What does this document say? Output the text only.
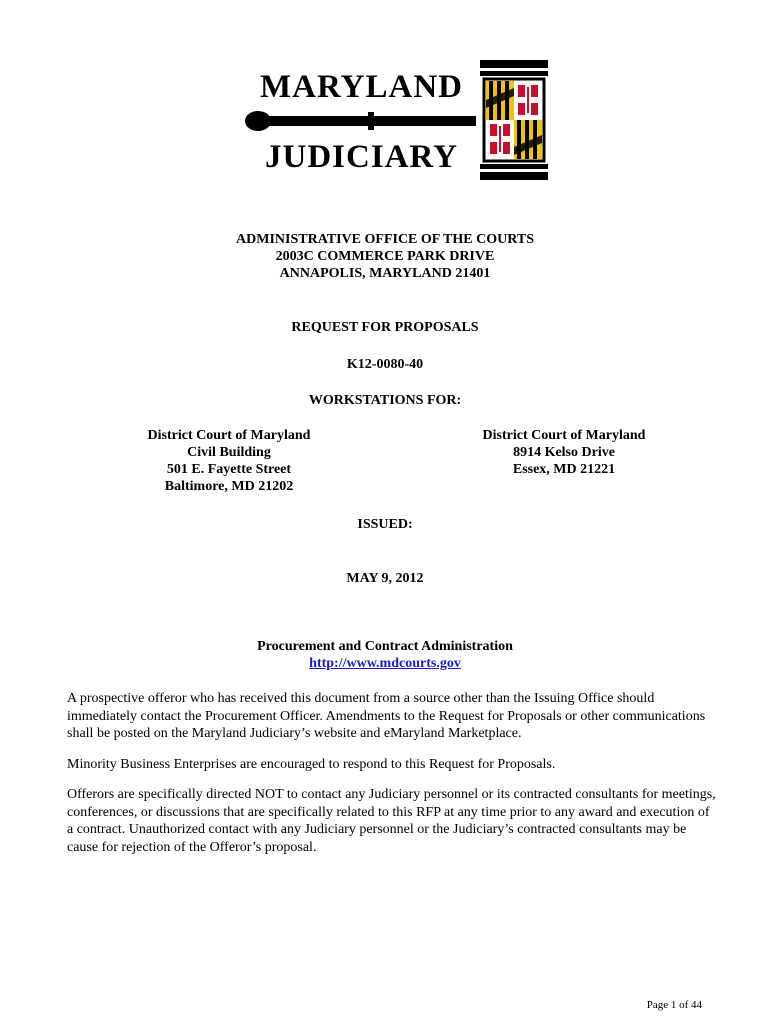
MARYLAND
JUDICIARY
ADMINISTRATIVE OFFICE OF THE COURTS
2003C COMMERCE PARK DRIVE
ANNAPOLIS, MARYLAND 21401
REQUEST FOR PROPOSALS
K12-0080-40
WORKSTATIONS FOR:
District Court of Maryland
Civil Building
501 E. Fayette Street
Baltimore, MD 21202
District Court of Maryland
8914 Kelso Drive
Essex, MD 21221
ISSUED:
MAY 9, 2012
Procurement and Contract Administration
http://www.mdcourts.gov

A prospective offeror who has received this document from a source other than the Issuing Office should immediately contact the Procurement Officer. Amendments to the Request for Proposals or other communications shall be posted on the Maryland Judiciary’s website and eMaryland Marketplace.

Minority Business Enterprises are encouraged to respond to this Request for Proposals.

Offerors are specifically directed NOT to contact any Judiciary personnel or its contracted consultants for meetings, conferences, or discussions that are specifically related to this RFP at any time prior to any award and execution of a contract. Unauthorized contact with any Judiciary personnel or the Judiciary’s contracted consultants may be cause for rejection of the Offeror’s proposal.

Page 1 of 44
